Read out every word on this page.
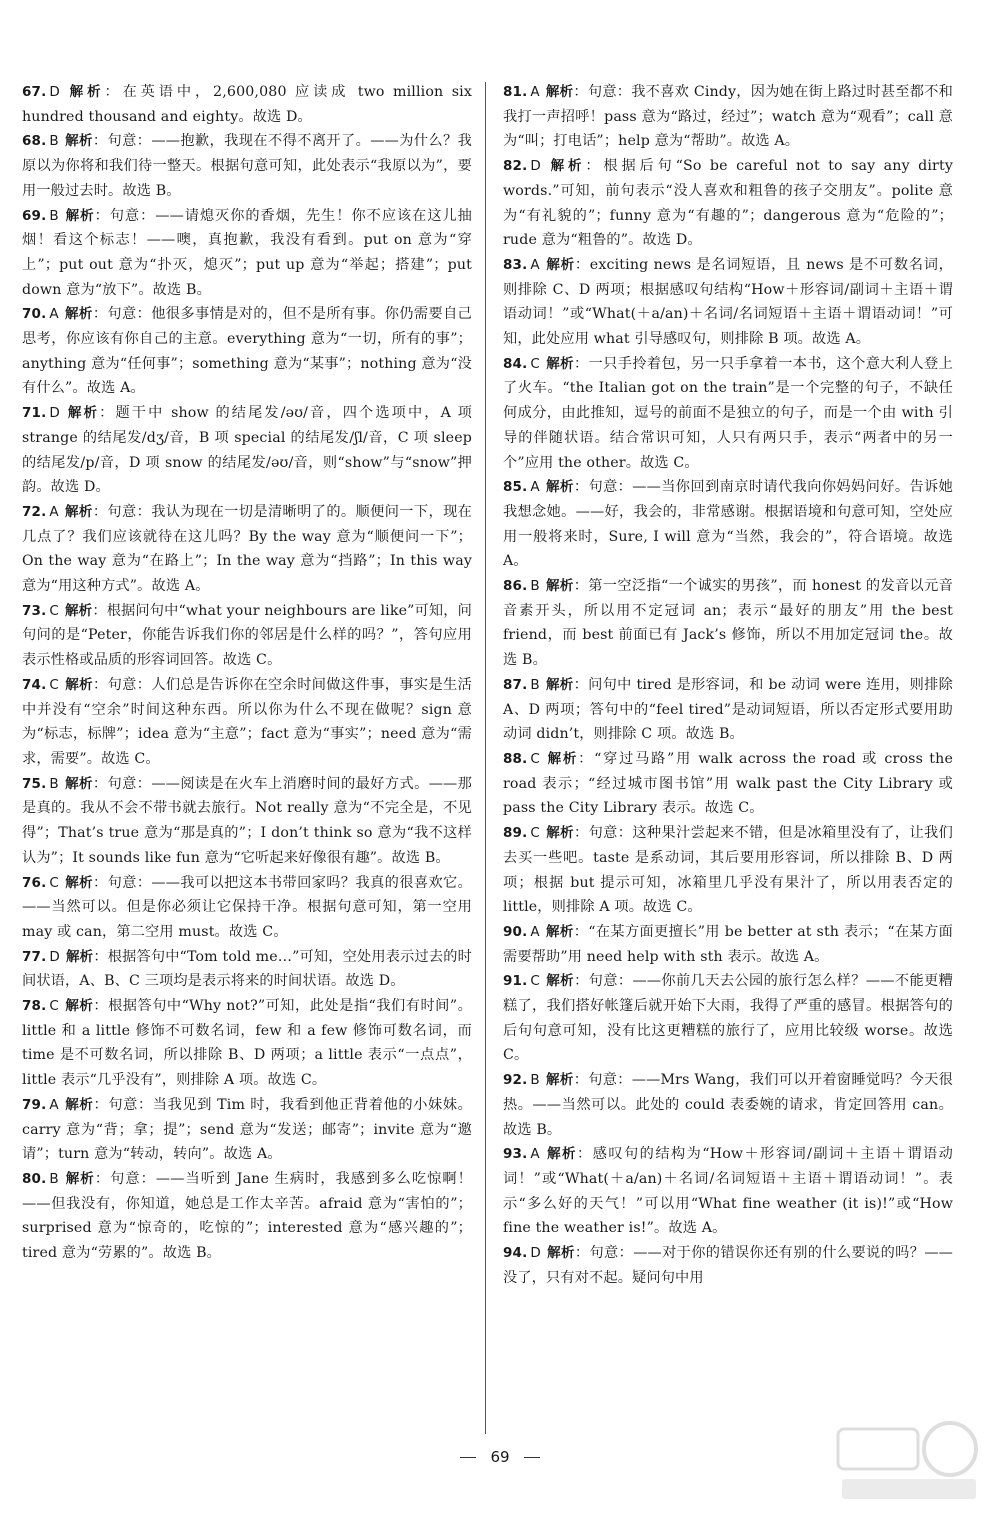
67. D 解析：在英语中，2,600,080 应读成 two million six hundred thousand and eighty。故选 D。

68. B 解析：句意：——抱歉，我现在不得不离开了。——为什么？我原以为你将和我们待一整天。根据句意可知，此处表示“我原以为”，要用一般过去时。故选 B。

69. B 解析：句意：——请熄灭你的香烟，先生！你不应该在这儿抽烟！看这个标志！——噢，真抱歉，我没有看到。put on 意为“穿上”；put out 意为“扑灭，熄灭”；put up 意为“举起；搭建”；put down 意为“放下”。故选 B。

70. A 解析：句意：他很多事情是对的，但不是所有事。你仍需要自己思考，你应该有你自己的主意。everything 意为“一切，所有的事”；anything 意为“任何事”；something 意为“某事”；nothing 意为“没有什么”。故选 A。

71. D 解析：题干中 show 的结尾发/əʊ/音，四个选项中，A 项 strange 的结尾发/dʒ/音，B 项 special 的结尾发/ʃl/音，C 项 sleep 的结尾发/p/音，D 项 snow 的结尾发/əʊ/音，则“show”与“snow”押韵。故选 D。

72. A 解析：句意：我认为现在一切是清晰明了的。顺便问一下，现在几点了？我们应该就待在这儿吗？By the way 意为“顺便问一下”；On the way 意为“在路上”；In the way 意为“挡路”；In this way 意为“用这种方式”。故选 A。

73. C 解析：根据问句中“what your neighbours are like”可知，问句问的是“Peter，你能告诉我们你的邻居是什么样的吗？”，答句应用表示性格或品质的形容词回答。故选 C。

74. C 解析：句意：人们总是告诉你在空余时间做这件事，事实是生活中并没有“空余”时间这种东西。所以你为什么不现在做呢？sign 意为“标志，标牌”；idea 意为“主意”；fact 意为“事实”；need 意为“需求，需要”。故选 C。

75. B 解析：句意：——阅读是在火车上消磨时间的最好方式。——那是真的。我从不会不带书就去旅行。Not really 意为“不完全是，不见得”；That’s true 意为“那是真的”；I don’t think so 意为“我不这样认为”；It sounds like fun 意为“它听起来好像很有趣”。故选 B。

76. C 解析：句意：——我可以把这本书带回家吗？我真的很喜欢它。——当然可以。但是你必须让它保持干净。根据句意可知，第一空用 may 或 can，第二空用 must。故选 C。

77. D 解析：根据答句中“Tom told me…”可知，空处用表示过去的时间状语，A、B、C 三项均是表示将来的时间状语。故选 D。

78. C 解析：根据答句中“Why not?”可知，此处是指“我们有时间”。little 和 a little 修饰不可数名词，few 和 a few 修饰可数名词，而 time 是不可数名词，所以排除 B、D 两项；a little 表示“一点点”，little 表示“几乎没有”，则排除 A 项。故选 C。

79. A 解析：句意：当我见到 Tim 时，我看到他正背着他的小妹妹。carry 意为“背；拿；提”；send 意为“发送；邮寄”；invite 意为“邀请”；turn 意为“转动，转向”。故选 A。

80. B 解析：句意：——当听到 Jane 生病时，我感到多么吃惊啊！——但我没有，你知道，她总是工作太辛苦。afraid 意为“害怕的”；surprised 意为“惊奇的，吃惊的”；interested 意为“感兴趣的”；tired 意为“劳累的”。故选 B。

81. A 解析：句意：我不喜欢 Cindy，因为她在街上路过时甚至都不和我打一声招呼！pass 意为“路过，经过”；watch 意为“观看”；call 意为“叫；打电话”；help 意为“帮助”。故选 A。

82. D 解析：根据后句“So be careful not to say any dirty words.”可知，前句表示“没人喜欢和粗鲁的孩子交朋友”。polite 意为“有礼貌的”；funny 意为“有趣的”；dangerous 意为“危险的”；rude 意为“粗鲁的”。故选 D。

83. A 解析：exciting news 是名词短语，且 news 是不可数名词，则排除 C、D 两项；根据感叹句结构“How＋形容词/副词＋主语＋谓语动词！”或“What(＋a/an)＋名词/名词短语＋主语＋谓语动词！”可知，此处应用 what 引导感叹句，则排除 B 项。故选 A。

84. C 解析：一只手拎着包，另一只手拿着一本书，这个意大利人登上了火车。“the Italian got on the train”是一个完整的句子，不缺任何成分，由此推知，逗号的前面不是独立的句子，而是一个由 with 引导的伴随状语。结合常识可知，人只有两只手，表示“两者中的另一个”应用 the other。故选 C。

85. A 解析：句意：——当你回到南京时请代我向你妈妈问好。告诉她我想念她。——好，我会的，非常感谢。根据语境和句意可知，空处应用一般将来时，Sure, I will 意为“当然，我会的”，符合语境。故选 A。

86. B 解析：第一空泛指“一个诚实的男孩”，而 honest 的发音以元音音素开头，所以用不定冠词 an；表示“最好的朋友”用 the best friend，而 best 前面已有 Jack’s 修饰，所以不用加定冠词 the。故选 B。

87. B 解析：问句中 tired 是形容词，和 be 动词 were 连用，则排除 A、D 两项；答句中的“feel tired”是动词短语，所以否定形式要用助动词 didn’t，则排除 C 项。故选 B。

88. C 解析：“穿过马路”用 walk across the road 或 cross the road 表示；“经过城市图书馆”用 walk past the City Library 或 pass the City Library 表示。故选 C。

89. C 解析：句意：这种果汁尝起来不错，但是冰箱里没有了，让我们去买一些吧。taste 是系动词，其后要用形容词，所以排除 B、D 两项；根据 but 提示可知，冰箱里几乎没有果汁了，所以用表否定的 little，则排除 A 项。故选 C。

90. A 解析：“在某方面更擅长”用 be better at sth 表示；“在某方面需要帮助”用 need help with sth 表示。故选 A。

91. C 解析：句意：——你前几天去公园的旅行怎么样？——不能更糟糕了，我们搭好帐篷后就开始下大雨，我得了严重的感冒。根据答句的后句句意可知，没有比这更糟糕的旅行了，应用比较级 worse。故选 C。

92. B 解析：句意：——Mrs Wang，我们可以开着窗睡觉吗？今天很热。——当然可以。此处的 could 表委婉的请求，肯定回答用 can。故选 B。

93. A 解析：感叹句的结构为“How＋形容词/副词＋主语＋谓语动词！”或“What(＋a/an)＋名词/名词短语＋主语＋谓语动词！”。表示“多么好的天气！”可以用“What fine weather (it is)!”或“How fine the weather is!”。故选 A。

94. D 解析：句意：——对于你的错误你还有别的什么要说的吗？——没了，只有对不起。疑问句中用

69
